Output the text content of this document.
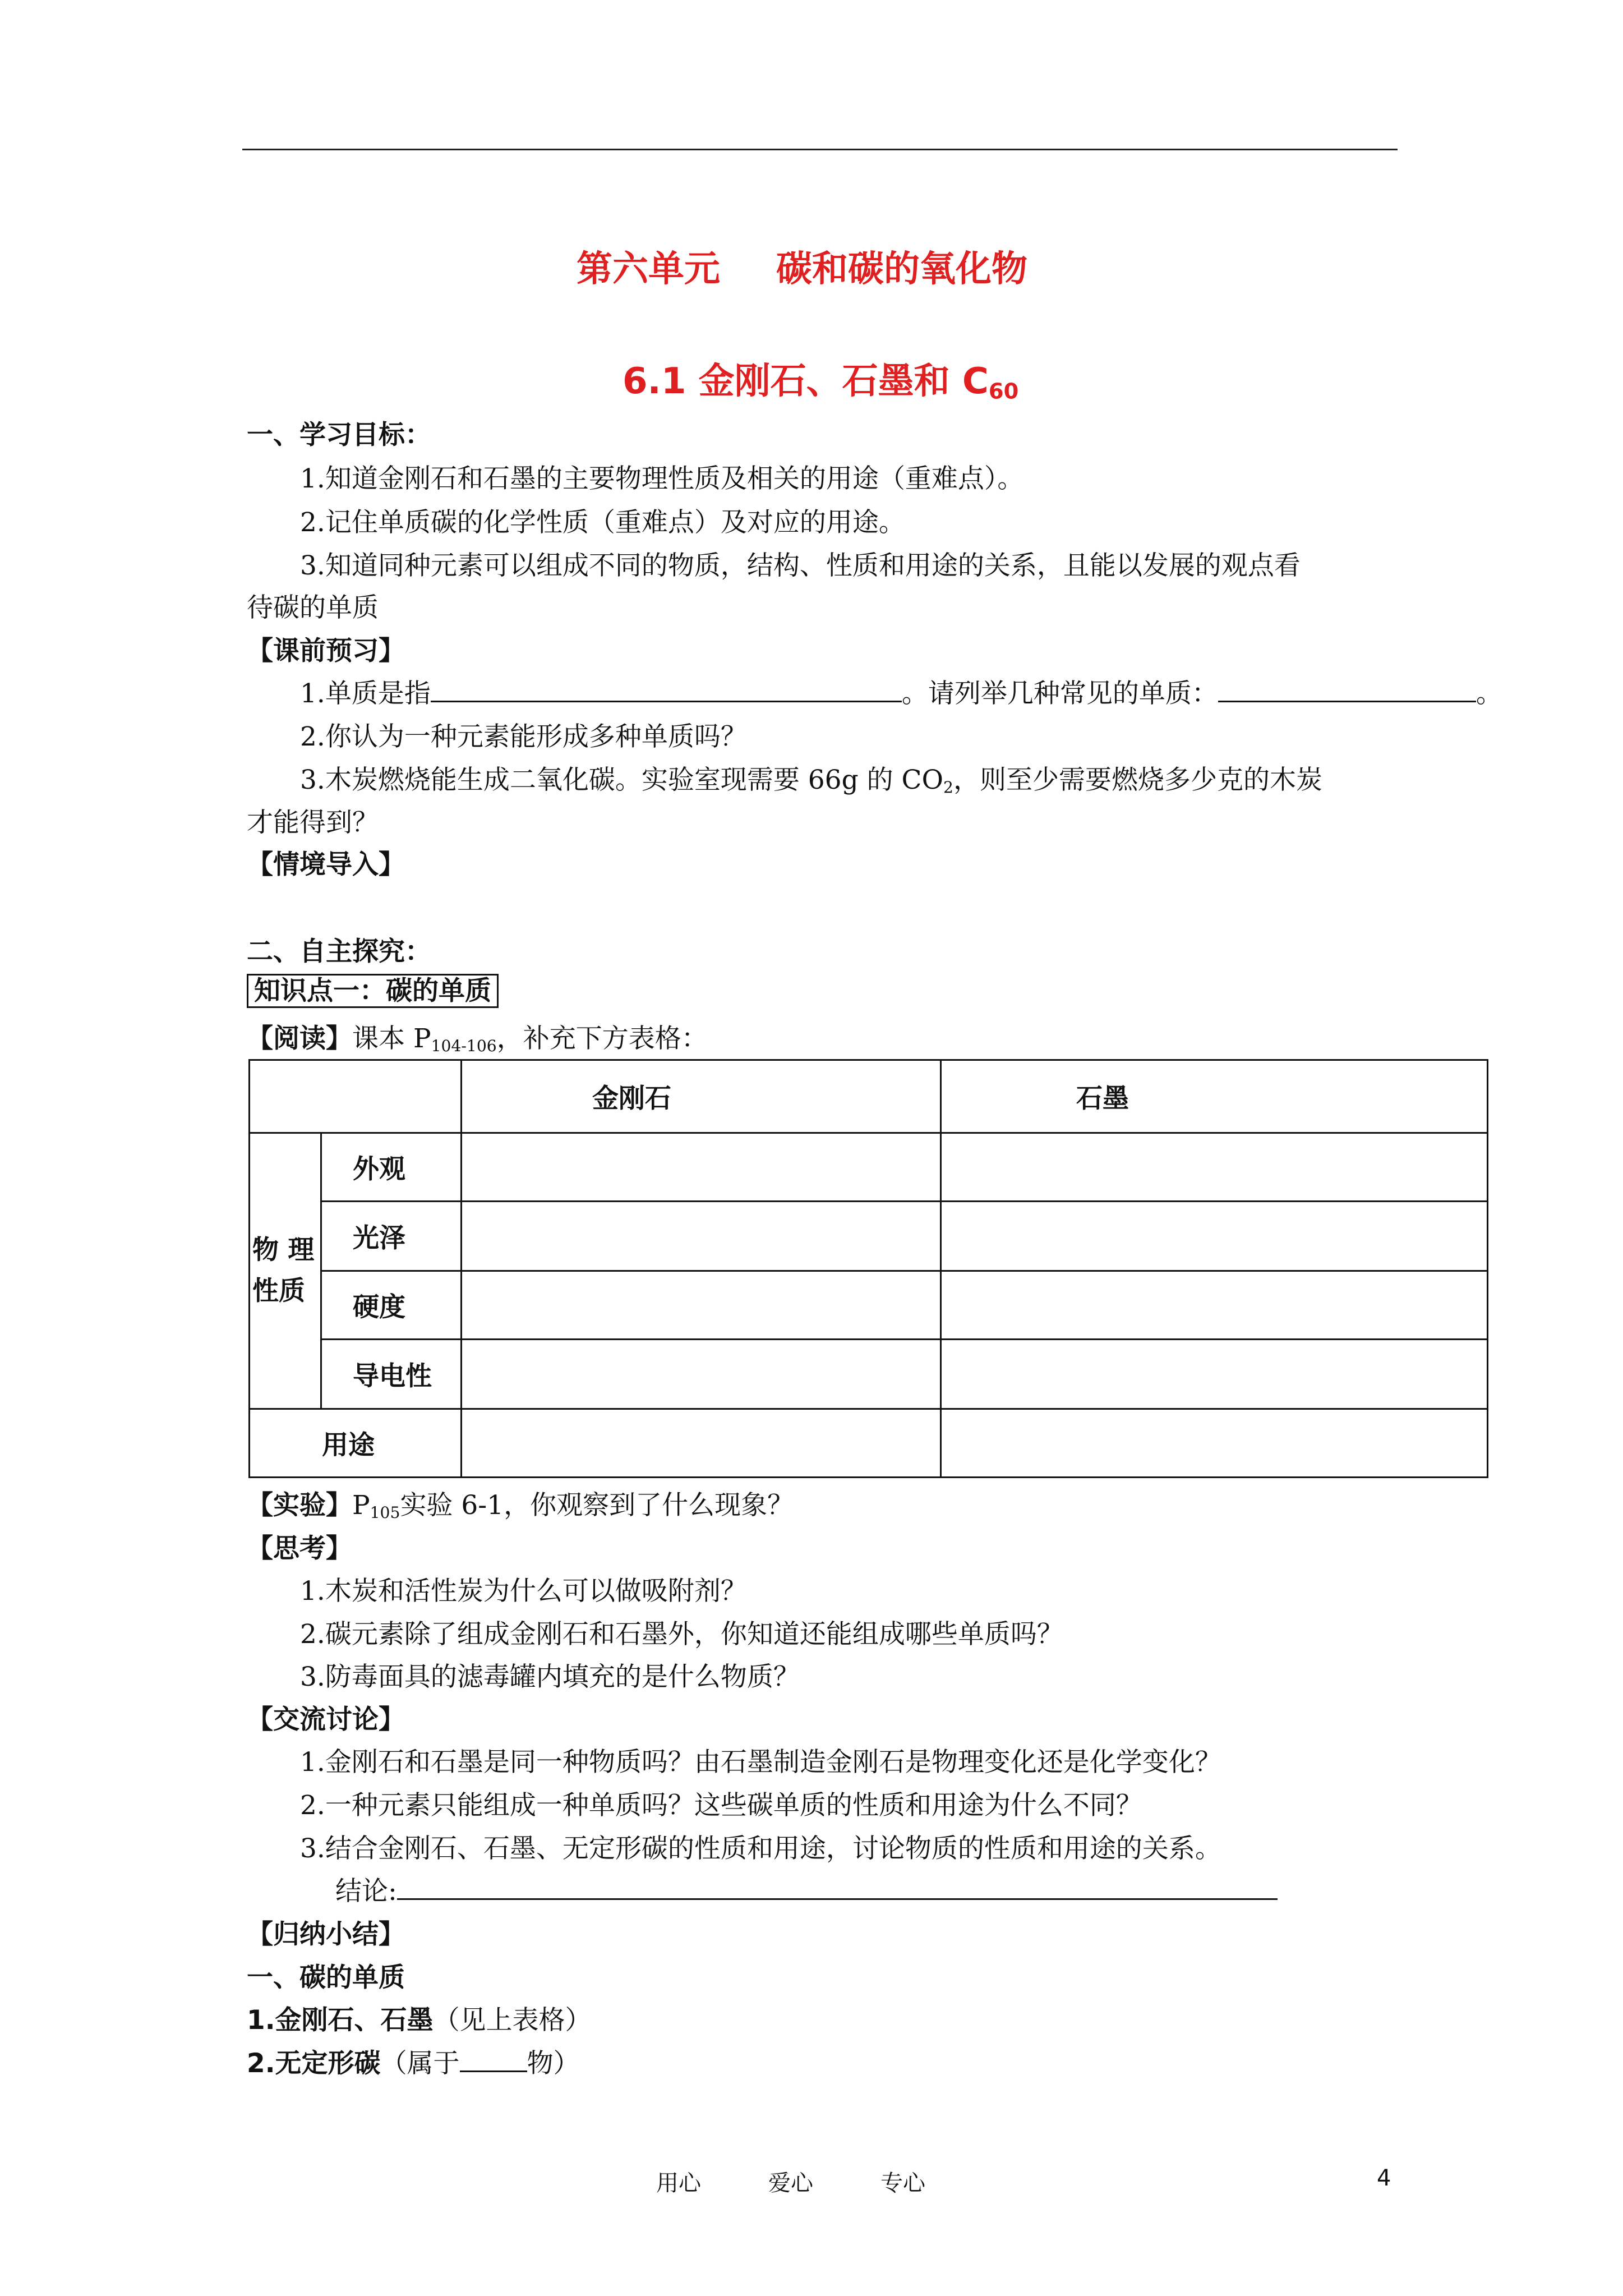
第六单元 碳和碳的氧化物
6.1 金刚石、石墨和 $C_{60}$
一、学习目标：
1.知道金刚石和石墨的主要物理性质及相关的用途（重难点）。
2.记住单质碳的化学性质（重难点）及对应的用途。
3.知道同种元素可以组成不同的物质，结构、性质和用途的关系，且能以发展的观点看
待碳的单质
【课前预习】
1.单质是指	。请列举几种常见的单质：	。
2.你认为一种元素能形成多种单质吗？
3.木炭燃烧能生成二氧化碳。实验室现需要 66g 的 $CO_2$，则至少需要燃烧多少克的木炭
才能得到？
【情境导入】
二、自主探究：
知识点一：碳的单质
【阅读】课本 $P_{104-106}$，补充下方表格：
		金刚石	石墨
物 理 性质	外观		
	光泽		
	硬度		
	导电性		
用途			
【实验】$P_{105}$实验 6-1，你观察到了什么现象？
【思考】
1.木炭和活性炭为什么可以做吸附剂？
2.碳元素除了组成金刚石和石墨外，你知道还能组成哪些单质吗？
3.防毒面具的滤毒罐内填充的是什么物质？
【交流讨论】
1.金刚石和石墨是同一种物质吗？由石墨制造金刚石是物理变化还是化学变化？
2.一种元素只能组成一种单质吗？这些碳单质的性质和用途为什么不同？
3.结合金刚石、石墨、无定形碳的性质和用途，讨论物质的性质和用途的关系。
结论:
【归纳小结】
一、碳的单质
1.金刚石、石墨（见上表格）
2.无定形碳（属于	物）
用心	爱心	专心	4
